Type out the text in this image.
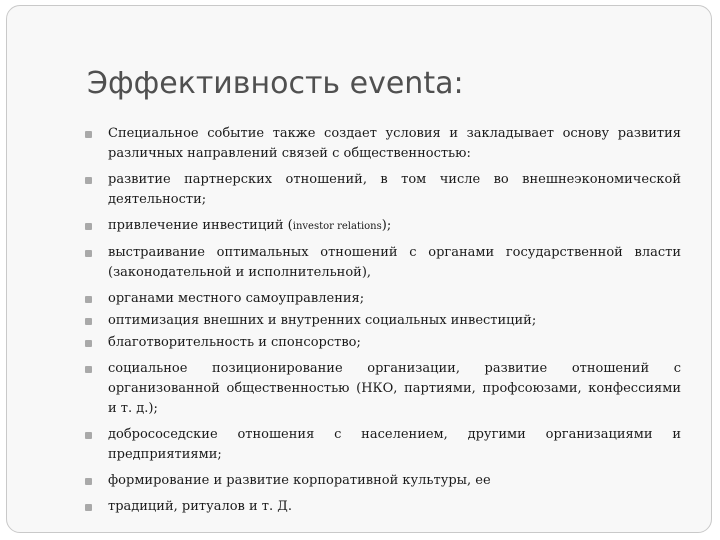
Эффективность eventa:
Специальное событие также создает условия и закладывает основу развития различных направлений связей с общественностью:
развитие партнерских отношений, в том числе во внешнеэкономической деятельности;
привлечение инвестиций (investor relations);
выстраивание оптимальных отношений с органами государственной власти (законодательной и исполнительной),
органами местного самоуправления;
оптимизация внешних и внутренних социальных инвестиций;
благотворительность и спонсорство;
социальное позиционирование организации, развитие отношений с организованной общественностью (НКО, партиями, профсоюзами, конфессиями и т. д.);
добрососедские отношения с населением, другими организациями и предприятиями;
формирование и развитие корпоративной культуры, ее
традиций, ритуалов и т. Д.
